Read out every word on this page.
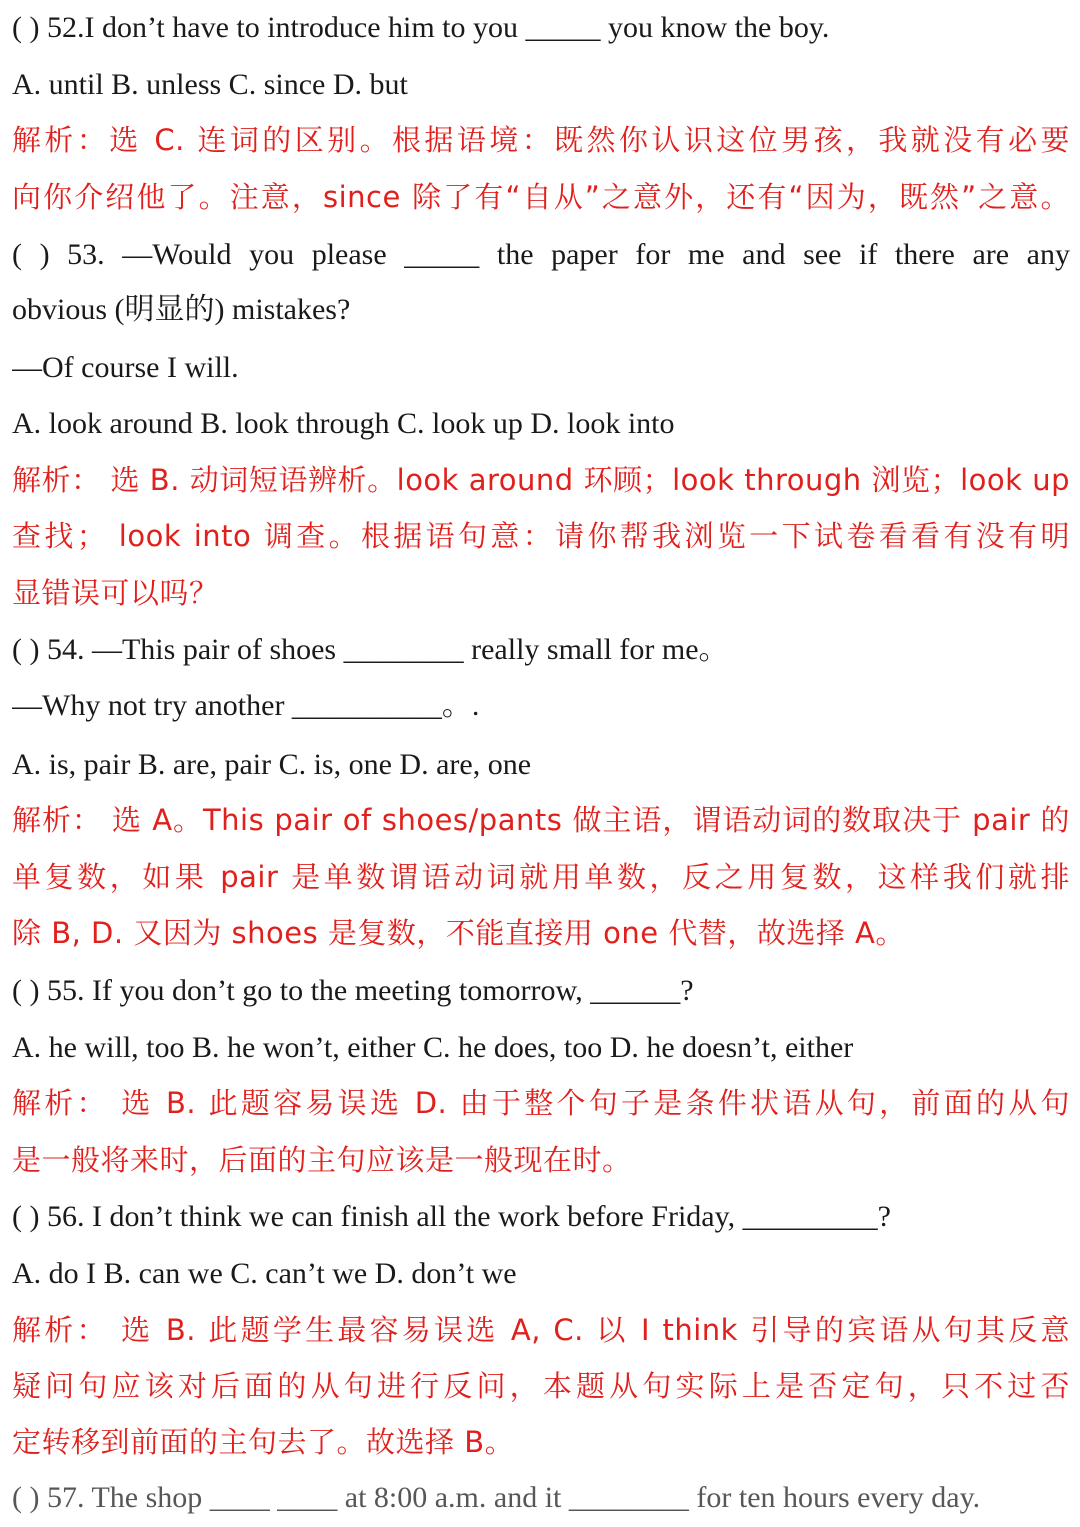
( ) 52.I don’t have to introduce him to you _____ you know the boy.
A. until B. unless C. since D. but
解析：选 C. 连词的区别。根据语境：既然你认识这位男孩，我就没有必要
向你介绍他了。注意，since 除了有“自从”之意外，还有“因为，既然”之意。
( ) 53. —Would you please _____ the paper for me and see if there are any
obvious (明显的) mistakes?
—Of course I will.
A. look around B. look through C. look up D. look into
解析： 选 B. 动词短语辨析。look around 环顾；look through 浏览；look up
查找； look into 调查。根据语句意：请你帮我浏览一下试卷看看有没有明
显错误可以吗？
( ) 54. —This pair of shoes ________ really small for me。
—Why not try another __________。.
A. is, pair B. are, pair C. is, one D. are, one
解析： 选 A。This pair of shoes/pants 做主语，谓语动词的数取决于 pair 的
单复数，如果 pair 是单数谓语动词就用单数，反之用复数，这样我们就排
除 B, D. 又因为 shoes 是复数，不能直接用 one 代替，故选择 A。
( ) 55. If you don’t go to the meeting tomorrow, ______?
A. he will, too B. he won’t, either C. he does, too D. he doesn’t, either
解析： 选 B. 此题容易误选 D. 由于整个句子是条件状语从句，前面的从句
是一般将来时，后面的主句应该是一般现在时。
( ) 56. I don’t think we can finish all the work before Friday, _________?
A. do I B. can we C. can’t we D. don’t we
解析： 选 B. 此题学生最容易误选 A, C. 以 I think 引导的宾语从句其反意
疑问句应该对后面的从句进行反问，本题从句实际上是否定句，只不过否
定转移到前面的主句去了。故选择 B。
( ) 57. The shop ____ ____ at 8:00 a.m. and it ________ for ten hours every day.
